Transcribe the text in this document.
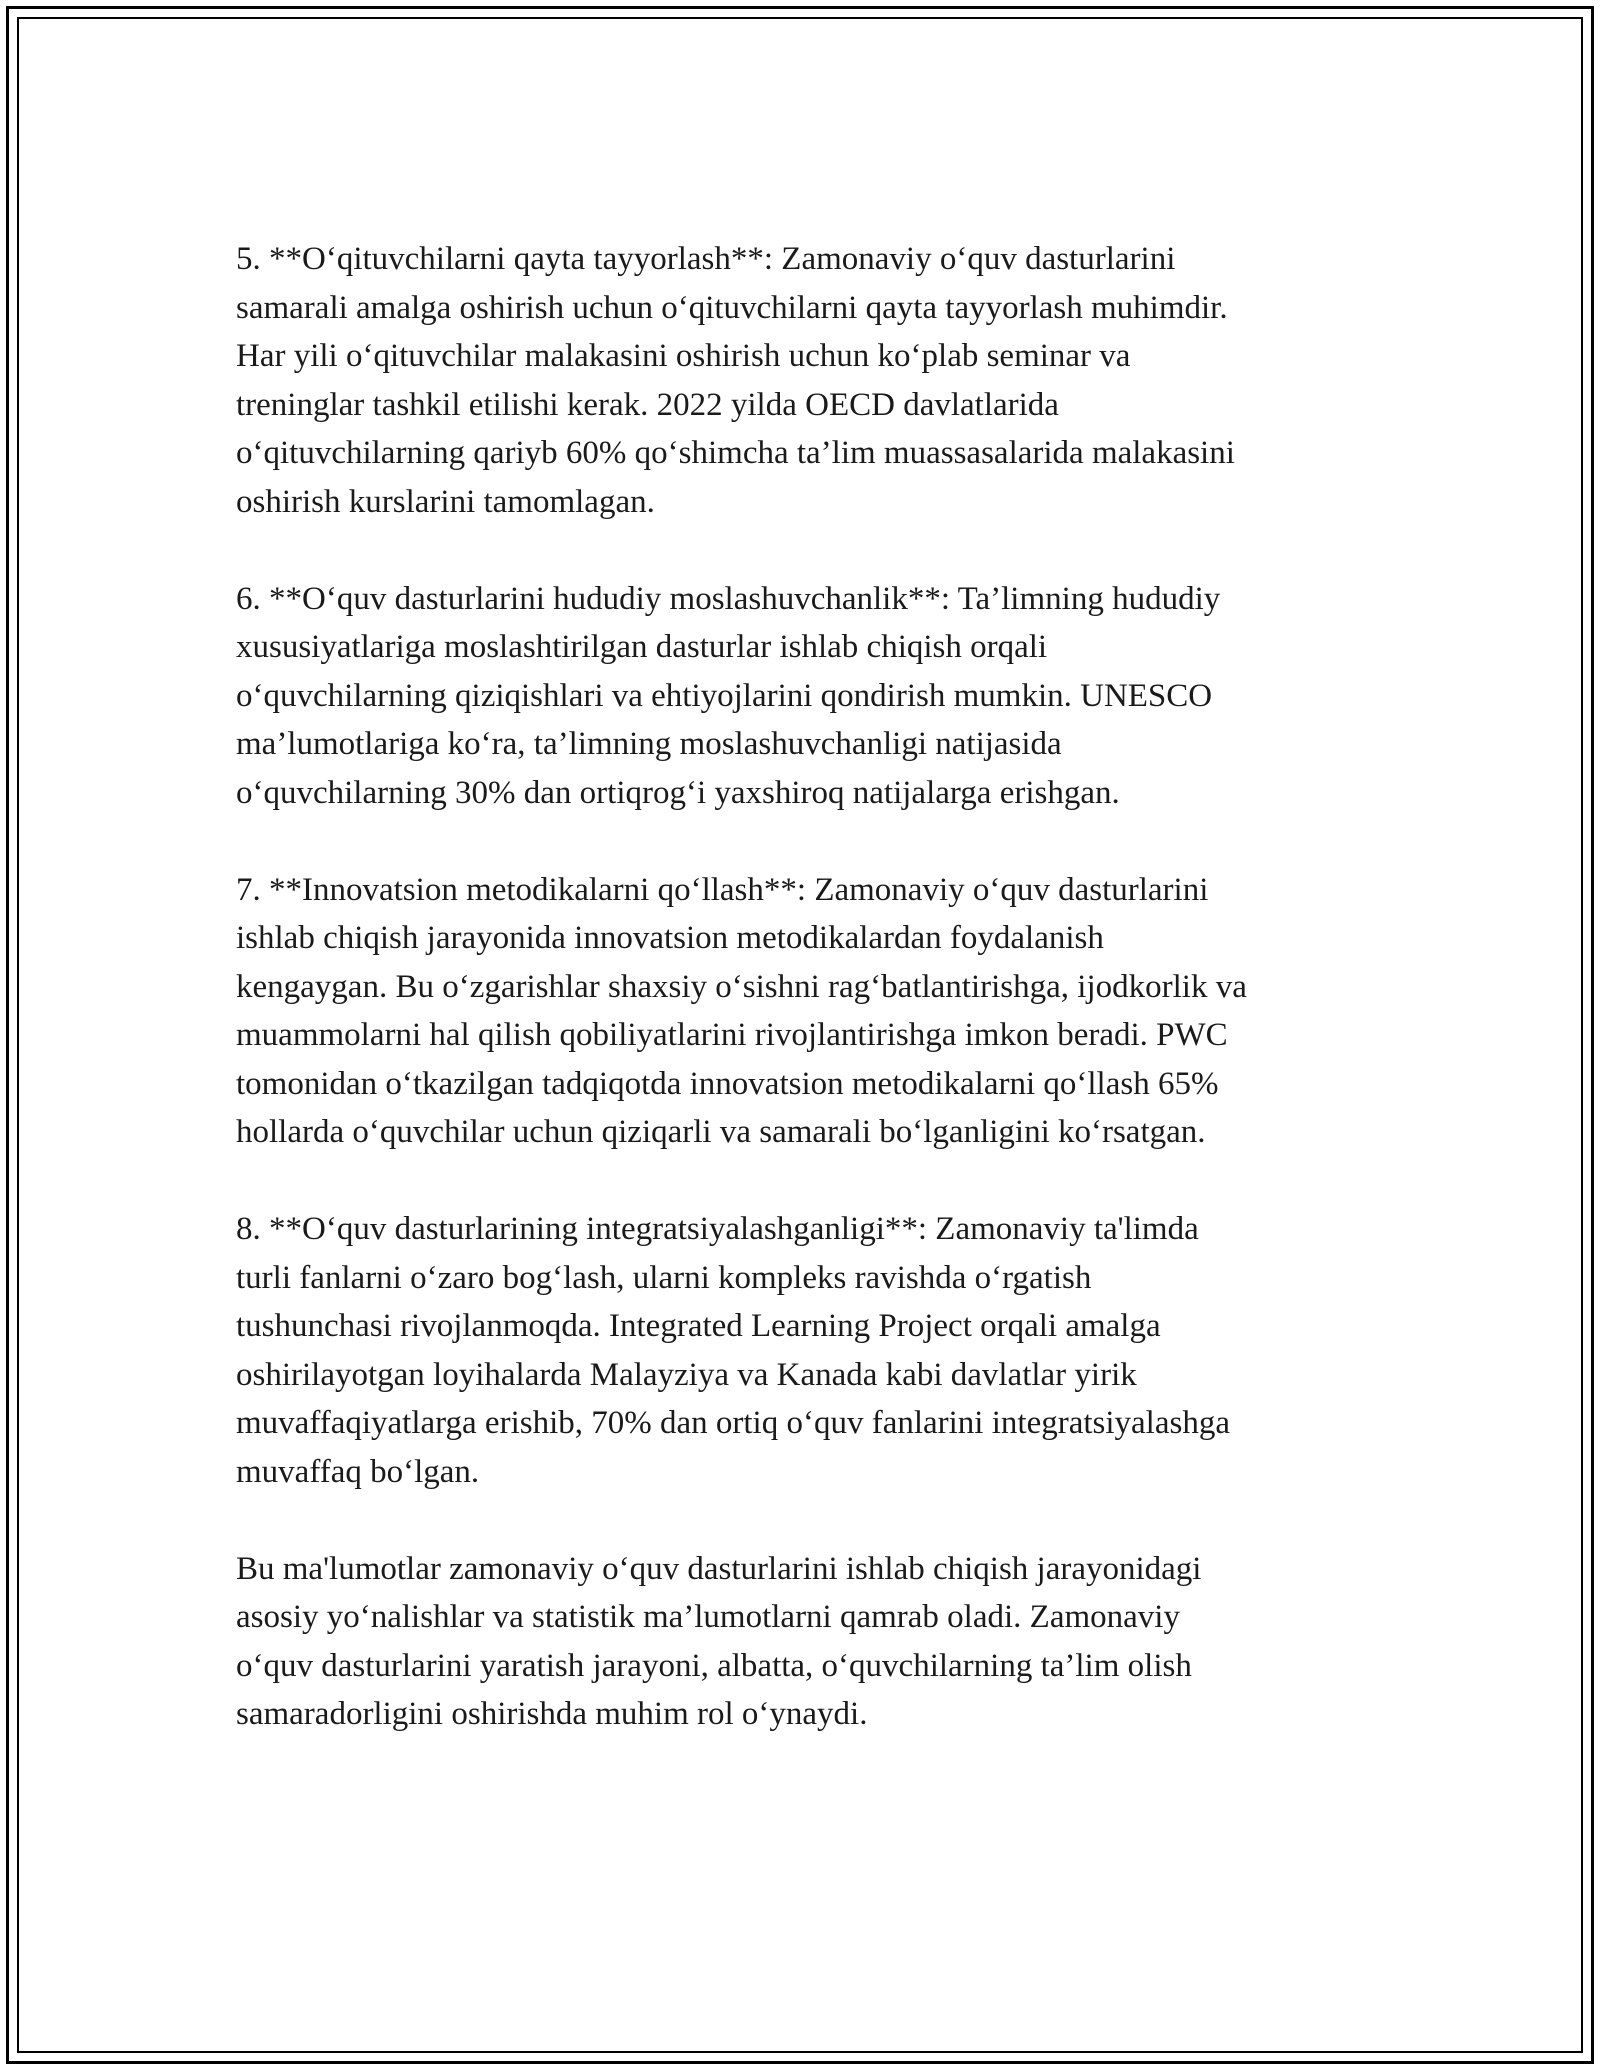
5. **O‘qituvchilarni qayta tayyorlash**: Zamonaviy o‘quv dasturlarini
samarali amalga oshirish uchun o‘qituvchilarni qayta tayyorlash muhimdir.
Har yili o‘qituvchilar malakasini oshirish uchun ko‘plab seminar va
treninglar tashkil etilishi kerak. 2022 yilda OECD davlatlarida
o‘qituvchilarning qariyb 60% qo‘shimcha ta’lim muassasalarida malakasini
oshirish kurslarini tamomlagan.

6. **O‘quv dasturlarini hududiy moslashuvchanlik**: Ta’limning hududiy
xususiyatlariga moslashtirilgan dasturlar ishlab chiqish orqali
o‘quvchilarning qiziqishlari va ehtiyojlarini qondirish mumkin. UNESCO
ma’lumotlariga ko‘ra, ta’limning moslashuvchanligi natijasida
o‘quvchilarning 30% dan ortiqrog‘i yaxshiroq natijalarga erishgan.

7. **Innovatsion metodikalarni qo‘llash**: Zamonaviy o‘quv dasturlarini
ishlab chiqish jarayonida innovatsion metodikalardan foydalanish
kengaygan. Bu o‘zgarishlar shaxsiy o‘sishni rag‘batlantirishga, ijodkorlik va
muammolarni hal qilish qobiliyatlarini rivojlantirishga imkon beradi. PWC
tomonidan o‘tkazilgan tadqiqotda innovatsion metodikalarni qo‘llash 65%
hollarda o‘quvchilar uchun qiziqarli va samarali bo‘lganligini ko‘rsatgan.

8. **O‘quv dasturlarining integratsiyalashganligi**: Zamonaviy ta'limda
turli fanlarni o‘zaro bog‘lash, ularni kompleks ravishda o‘rgatish
tushunchasi rivojlanmoqda. Integrated Learning Project orqali amalga
oshirilayotgan loyihalarda Malayziya va Kanada kabi davlatlar yirik
muvaffaqiyatlarga erishib, 70% dan ortiq o‘quv fanlarini integratsiyalashga
muvaffaq bo‘lgan.

Bu ma'lumotlar zamonaviy o‘quv dasturlarini ishlab chiqish jarayonidagi
asosiy yo‘nalishlar va statistik ma’lumotlarni qamrab oladi. Zamonaviy
o‘quv dasturlarini yaratish jarayoni, albatta, o‘quvchilarning ta’lim olish
samaradorligini oshirishda muhim rol o‘ynaydi.
